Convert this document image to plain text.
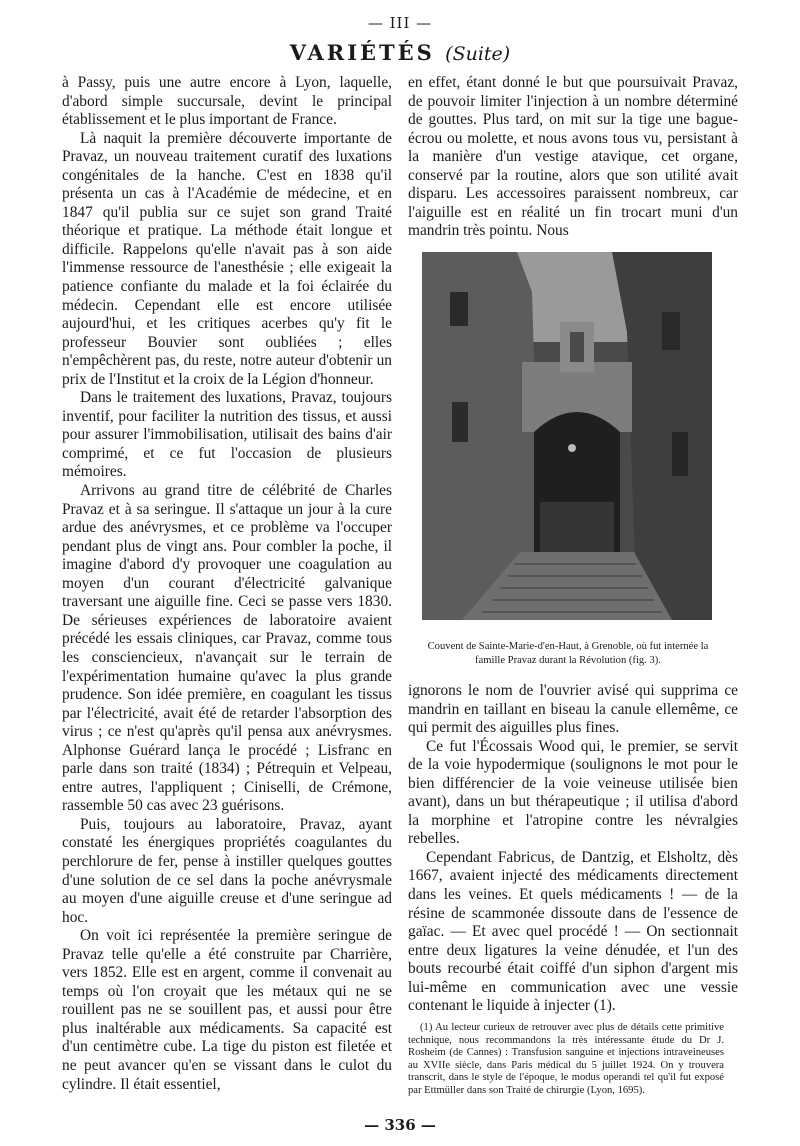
— III —
VARIÉTÉS (Suite)

à Passy, puis une autre encore à Lyon, laquelle, d'abord simple succursale, devint le principal établissement et le plus important de France.

Là naquit la première découverte importante de Pravaz, un nouveau traitement curatif des luxations congénitales de la hanche. C'est en 1838 qu'il présenta un cas à l'Académie de médecine, et en 1847 qu'il publia sur ce sujet son grand Traité théorique et pratique. La méthode était longue et difficile. Rappelons qu'elle n'avait pas à son aide l'immense ressource de l'anesthésie ; elle exigeait la patience confiante du malade et la foi éclairée du médecin. Cependant elle est encore utilisée aujourd'hui, et les critiques acerbes qu'y fit le professeur Bouvier sont oubliées ; elles n'empêchèrent pas, du reste, notre auteur d'obtenir un prix de l'Institut et la croix de la Légion d'honneur.

Dans le traitement des luxations, Pravaz, toujours inventif, pour faciliter la nutrition des tissus, et aussi pour assurer l'immobilisation, utilisait des bains d'air comprimé, et ce fut l'occasion de plusieurs mémoires.

Arrivons au grand titre de célébrité de Charles Pravaz et à sa seringue. Il s'attaque un jour à la cure ardue des anévrysmes, et ce problème va l'occuper pendant plus de vingt ans. Pour combler la poche, il imagine d'abord d'y provoquer une coagulation au moyen d'un courant d'électricité galvanique traversant une aiguille fine. Ceci se passe vers 1830. De sérieuses expériences de laboratoire avaient précédé les essais cliniques, car Pravaz, comme tous les consciencieux, n'avançait sur le terrain de l'expérimentation humaine qu'avec la plus grande prudence. Son idée première, en coagulant les tissus par l'électricité, avait été de retarder l'absorption des virus ; ce n'est qu'après qu'il pensa aux anévrysmes. Alphonse Guérard lança le procédé ; Lisfranc en parle dans son traité (1834) ; Pétrequin et Velpeau, entre autres, l'appliquent ; Ciniselli, de Crémone, rassemble 50 cas avec 23 guérisons.

Puis, toujours au laboratoire, Pravaz, ayant constaté les énergiques propriétés coagulantes du perchlorure de fer, pense à instiller quelques gouttes d'une solution de ce sel dans la poche anévrysmale au moyen d'une aiguille creuse et d'une seringue ad hoc.

On voit ici représentée la première seringue de Pravaz telle qu'elle a été construite par Charrière, vers 1852. Elle est en argent, comme il convenait au temps où l'on croyait que les métaux qui ne se rouillent pas ne se souillent pas, et aussi pour être plus inaltérable aux médicaments. Sa capacité est d'un centimètre cube. La tige du piston est filetée et ne peut avancer qu'en se vissant dans le culot du cylindre. Il était essentiel,

en effet, étant donné le but que poursuivait Pravaz, de pouvoir limiter l'injection à un nombre déterminé de gouttes. Plus tard, on mit sur la tige une bague-écrou ou molette, et nous avons tous vu, persistant à la manière d'un vestige atavique, cet organe, conservé par la routine, alors que son utilité avait disparu. Les accessoires paraissent nombreux, car l'aiguille est en réalité un fin trocart muni d'un mandrin très pointu. Nous

Couvent de Sainte-Marie-d'en-Haut, à Grenoble, où fut internée la famille Pravaz durant la Révolution (fig. 3).

ignorons le nom de l'ouvrier avisé qui supprima ce mandrin en taillant en biseau la canule ellemême, ce qui permit des aiguilles plus fines.

Ce fut l'Écossais Wood qui, le premier, se servit de la voie hypodermique (soulignons le mot pour le bien différencier de la voie veineuse utilisée bien avant), dans un but thérapeutique ; il utilisa d'abord la morphine et l'atropine contre les névralgies rebelles.

Cependant Fabricus, de Dantzig, et Elsholtz, dès 1667, avaient injecté des médicaments directement dans les veines. Et quels médicaments ! — de la résine de scammonée dissoute dans de l'essence de gaïac. — Et avec quel procédé ! — On sectionnait entre deux ligatures la veine dénudée, et l'un des bouts recourbé était coiffé d'un siphon d'argent mis lui-même en communication avec une vessie contenant le liquide à injecter (1).

(1) Au lecteur curieux de retrouver avec plus de détails cette primitive technique, nous recommandons la très intéressante étude du Dr J. Rosheim (de Cannes) : Transfusion sanguine et injections intraveineuses au XVIIe siècle, dans Paris médical du 5 juillet 1924. On y trouvera transcrit, dans le style de l'époque, le modus operandi tel qu'il fut exposé par Ettmüller dans son Traité de chirurgie (Lyon, 1695).

— 336 —
